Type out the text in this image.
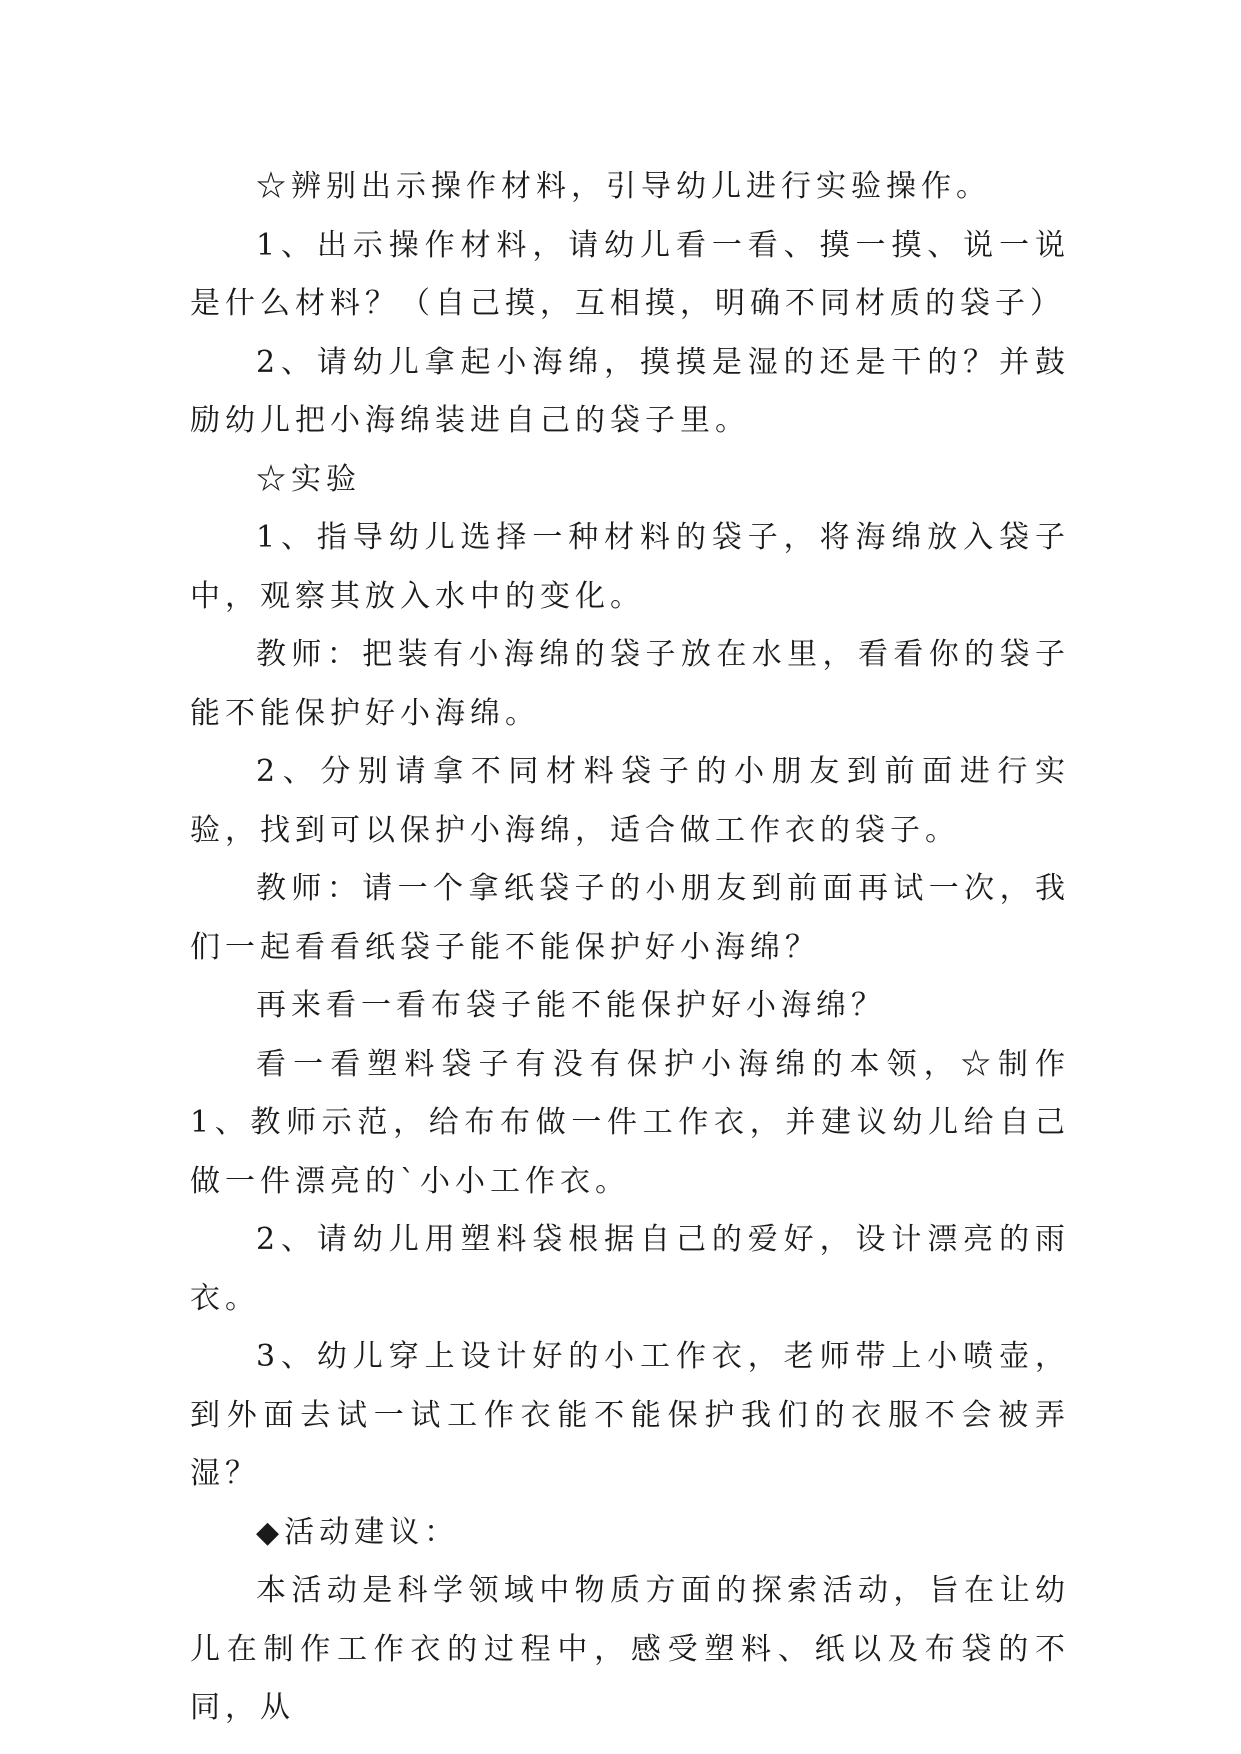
☆辨别出示操作材料，引导幼儿进行实验操作。

1、出示操作材料，请幼儿看一看、摸一摸、说一说是什么材料？（自己摸，互相摸，明确不同材质的袋子）

2、请幼儿拿起小海绵，摸摸是湿的还是干的？并鼓励幼儿把小海绵装进自己的袋子里。

☆实验

1、指导幼儿选择一种材料的袋子，将海绵放入袋子中，观察其放入水中的变化。

教师：把装有小海绵的袋子放在水里，看看你的袋子能不能保护好小海绵。

2、分别请拿不同材料袋子的小朋友到前面进行实验，找到可以保护小海绵，适合做工作衣的袋子。

教师：请一个拿纸袋子的小朋友到前面再试一次，我们一起看看纸袋子能不能保护好小海绵？

再来看一看布袋子能不能保护好小海绵？

看一看塑料袋子有没有保护小海绵的本领，☆制作1、教师示范，给布布做一件工作衣，并建议幼儿给自己做一件漂亮的`小小工作衣。

2、请幼儿用塑料袋根据自己的爱好，设计漂亮的雨衣。

3、幼儿穿上设计好的小工作衣，老师带上小喷壶，到外面去试一试工作衣能不能保护我们的衣服不会被弄湿？

◆活动建议：

本活动是科学领域中物质方面的探索活动，旨在让幼儿在制作工作衣的过程中，感受塑料、纸以及布袋的不同，从
